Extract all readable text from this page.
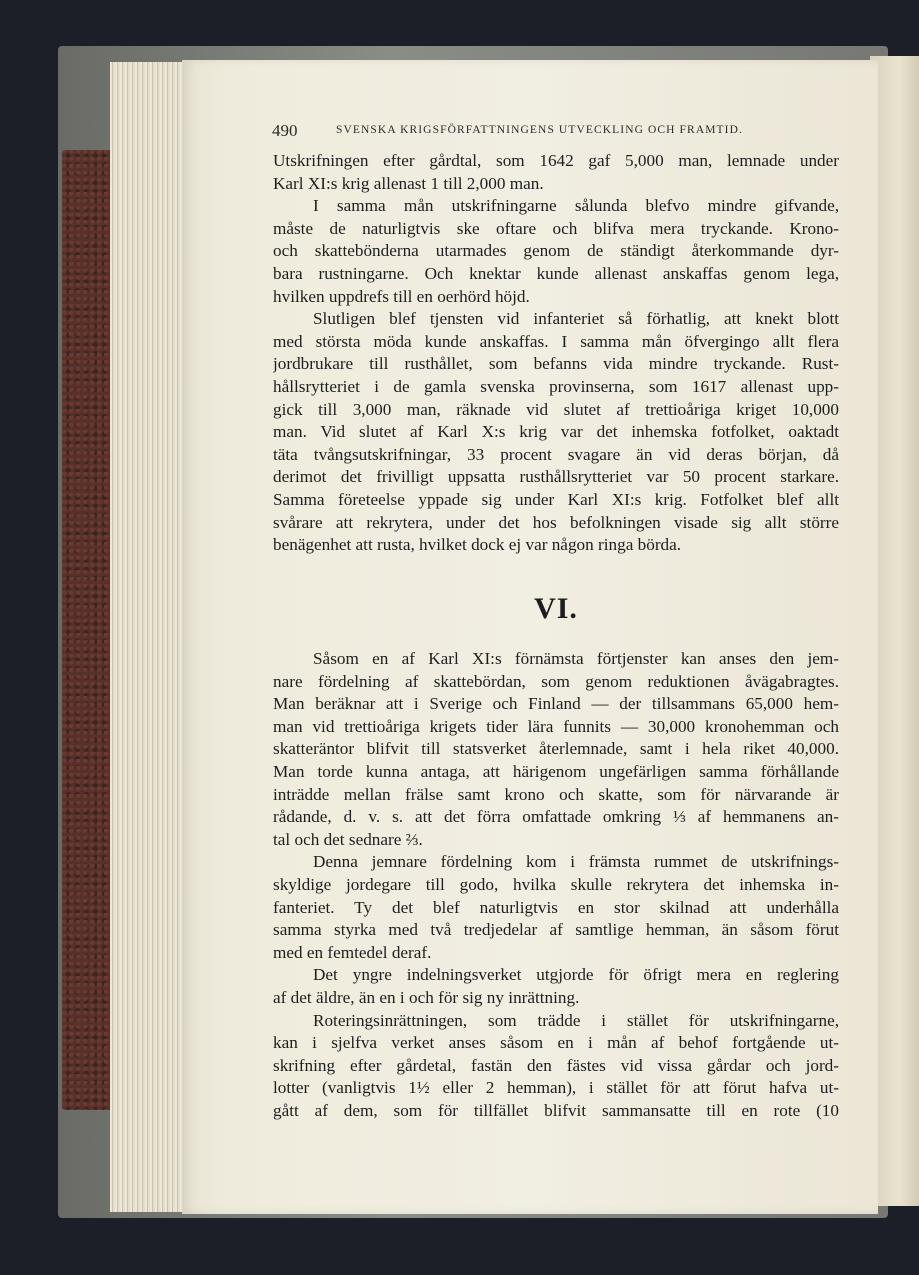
490	SVENSKA KRIGSFÖRFATTNINGENS UTVECKLING OCH FRAMTID.
Utskrifningen efter gårdtal, som 1642 gaf 5,000 man, lemnade under
Karl XI:s krig allenast 1 till 2,000 man.
I samma mån utskrifningarne sålunda blefvo mindre gifvande,
måste de naturligtvis ske oftare och blifva mera tryckande. Krono-
och skattebönderna utarmades genom de ständigt återkommande dyr-
bara rustningarne. Och knektar kunde allenast anskaffas genom lega,
hvilken uppdrefs till en oerhörd höjd.
Slutligen blef tjensten vid infanteriet så förhatlig, att knekt blott
med största möda kunde anskaffas. I samma mån öfvergingo allt flera
jordbrukare till rusthållet, som befanns vida mindre tryckande. Rust-
hållsrytteriet i de gamla svenska provinserna, som 1617 allenast upp-
gick till 3,000 man, räknade vid slutet af trettioåriga kriget 10,000
man. Vid slutet af Karl X:s krig var det inhemska fotfolket, oaktadt
täta tvångsutskrifningar, 33 procent svagare än vid deras början, då
derimot det frivilligt uppsatta rusthållsrytteriet var 50 procent starkare.
Samma företeelse yppade sig under Karl XI:s krig. Fotfolket blef allt
svårare att rekrytera, under det hos befolkningen visade sig allt större
benägenhet att rusta, hvilket dock ej var någon ringa börda.
VI.
Såsom en af Karl XI:s förnämsta förtjenster kan anses den jem-
nare fördelning af skattebördan, som genom reduktionen åvägabragtes.
Man beräknar att i Sverige och Finland — der tillsammans 65,000 hem-
man vid trettioåriga krigets tider lära funnits — 30,000 kronohemman och
skatteräntor blifvit till statsverket återlemnade, samt i hela riket 40,000.
Man torde kunna antaga, att härigenom ungefärligen samma förhållande
inträdde mellan frälse samt krono och skatte, som för närvarande är
rådande, d. v. s. att det förra omfattade omkring ⅓ af hemmanens an-
tal och det sednare ⅔.
Denna jemnare fördelning kom i främsta rummet de utskrifnings-
skyldige jordegare till godo, hvilka skulle rekrytera det inhemska in-
fanteriet. Ty det blef naturligtvis en stor skilnad att underhålla
samma styrka med två tredjedelar af samtlige hemman, än såsom förut
med en femtedel deraf.
Det yngre indelningsverket utgjorde för öfrigt mera en reglering
af det äldre, än en i och för sig ny inrättning.
Roteringsinrättningen, som trädde i stället för utskrifningarne,
kan i sjelfva verket anses såsom en i mån af behof fortgående ut-
skrifning efter gårdetal, fastän den fästes vid vissa gårdar och jord-
lotter (vanligtvis 1½ eller 2 hemman), i stället för att förut hafva ut-
gått af dem, som för tillfället blifvit sammansatte till en rote (10
